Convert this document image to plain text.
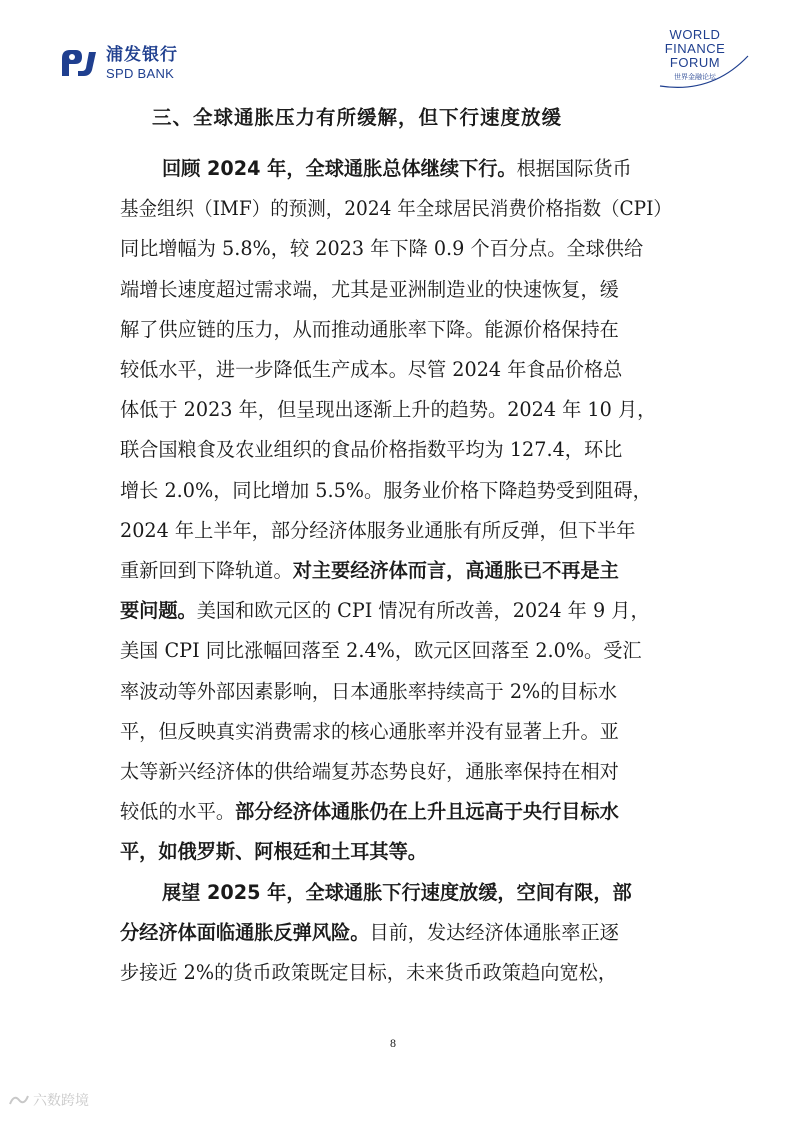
浦发银行
SPD BANK
WORLD
FINANCE
FORUM
世界金融论坛
三、全球通胀压力有所缓解，但下行速度放缓
回顾 2024 年，全球通胀总体继续下行。根据国际货币
基金组织（IMF）的预测，2024 年全球居民消费价格指数（CPI）
同比增幅为 5.8%，较 2023 年下降 0.9 个百分点。全球供给
端增长速度超过需求端，尤其是亚洲制造业的快速恢复，缓
解了供应链的压力，从而推动通胀率下降。能源价格保持在
较低水平，进一步降低生产成本。尽管 2024 年食品价格总
体低于 2023 年，但呈现出逐渐上升的趋势。2024 年 10 月，
联合国粮食及农业组织的食品价格指数平均为 127.4，环比
增长 2.0%，同比增加 5.5%。服务业价格下降趋势受到阻碍，
2024 年上半年，部分经济体服务业通胀有所反弹，但下半年
重新回到下降轨道。对主要经济体而言，高通胀已不再是主
要问题。美国和欧元区的 CPI 情况有所改善，2024 年 9 月，
美国 CPI 同比涨幅回落至 2.4%，欧元区回落至 2.0%。受汇
率波动等外部因素影响，日本通胀率持续高于 2%的目标水
平，但反映真实消费需求的核心通胀率并没有显著上升。亚
太等新兴经济体的供给端复苏态势良好，通胀率保持在相对
较低的水平。部分经济体通胀仍在上升且远高于央行目标水
平，如俄罗斯、阿根廷和土耳其等。
展望 2025 年，全球通胀下行速度放缓，空间有限，部
分经济体面临通胀反弹风险。目前，发达经济体通胀率正逐
步接近 2%的货币政策既定目标，未来货币政策趋向宽松，
8
六数跨境
